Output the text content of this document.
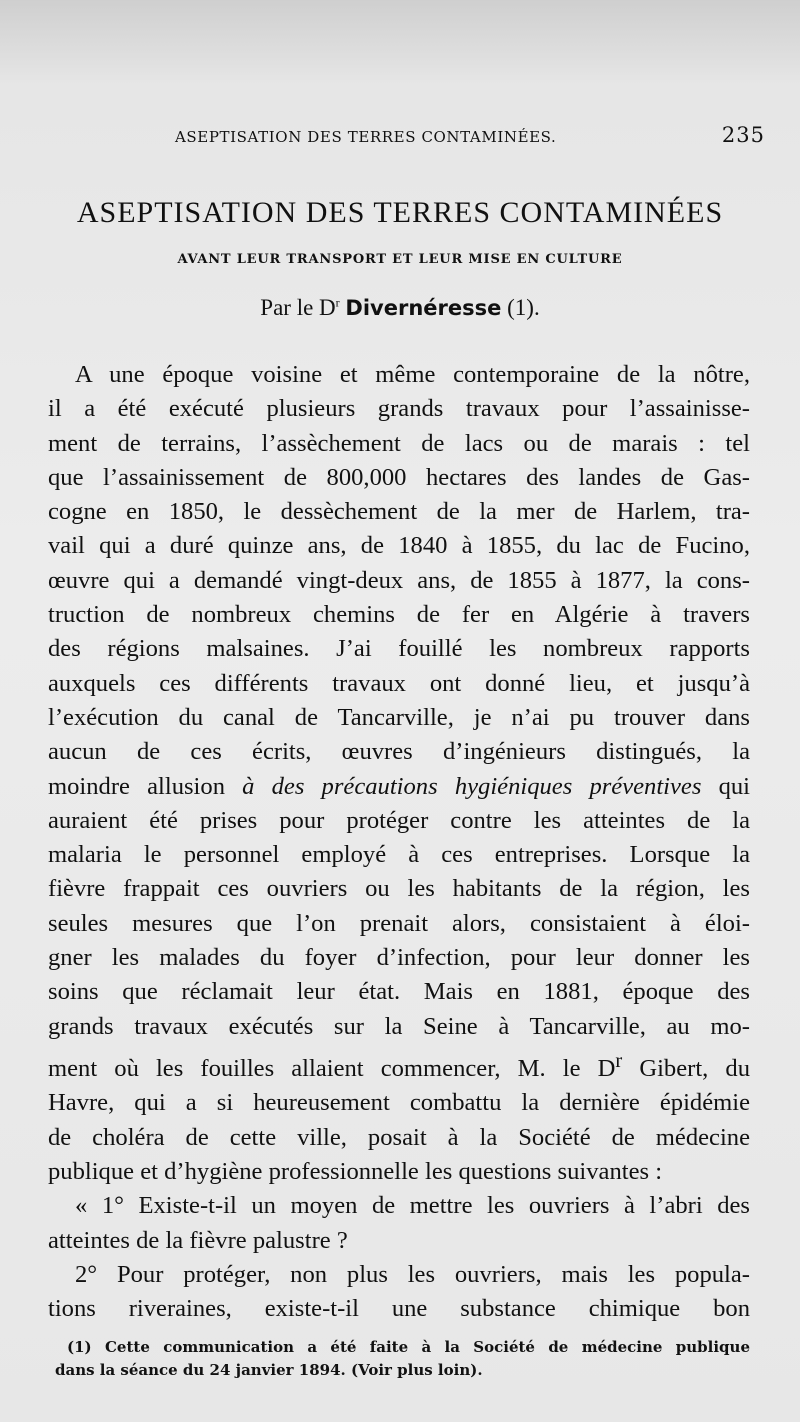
ASEPTISATION DES TERRES CONTAMINÉES.	235
ASEPTISATION DES TERRES CONTAMINÉES
AVANT LEUR TRANSPORT ET LEUR MISE EN CULTURE
Par le $D^r$ Divernéresse (1).
A une époque voisine et même contemporaine de la nôtre,
il a été exécuté plusieurs grands travaux pour l’assainisse-
ment de terrains, l’assèchement de lacs ou de marais : tel
que l’assainissement de 800,000 hectares des landes de Gas-
cogne en 1850, le dessèchement de la mer de Harlem, tra-
vail qui a duré quinze ans, de 1840 à 1855, du lac de Fucino,
œuvre qui a demandé vingt-deux ans, de 1855 à 1877, la cons-
truction de nombreux chemins de fer en Algérie à travers
des régions malsaines. J’ai fouillé les nombreux rapports
auxquels ces différents travaux ont donné lieu, et jusqu’à
l’exécution du canal de Tancarville, je n’ai pu trouver dans
aucun de ces écrits, œuvres d’ingénieurs distingués, la
moindre allusion à des précautions hygiéniques préventives qui
auraient été prises pour protéger contre les atteintes de la
malaria le personnel employé à ces entreprises. Lorsque la
fièvre frappait ces ouvriers ou les habitants de la région, les
seules mesures que l’on prenait alors, consistaient à éloi-
gner les malades du foyer d’infection, pour leur donner les
soins que réclamait leur état. Mais en 1881, époque des
grands travaux exécutés sur la Seine à Tancarville, au mo-
ment où les fouilles allaient commencer, M. le $D^r$ Gibert, du
Havre, qui a si heureusement combattu la dernière épidémie
de choléra de cette ville, posait à la Société de médecine
publique et d’hygiène professionnelle les questions suivantes :
« 1° Existe-t-il un moyen de mettre les ouvriers à l’abri des
atteintes de la fièvre palustre ?
2° Pour protéger, non plus les ouvriers, mais les popula-
tions riveraines, existe-t-il une substance chimique bon
(1) Cette communication a été faite à la Société de médecine publique
dans la séance du 24 janvier 1894. (Voir plus loin).
